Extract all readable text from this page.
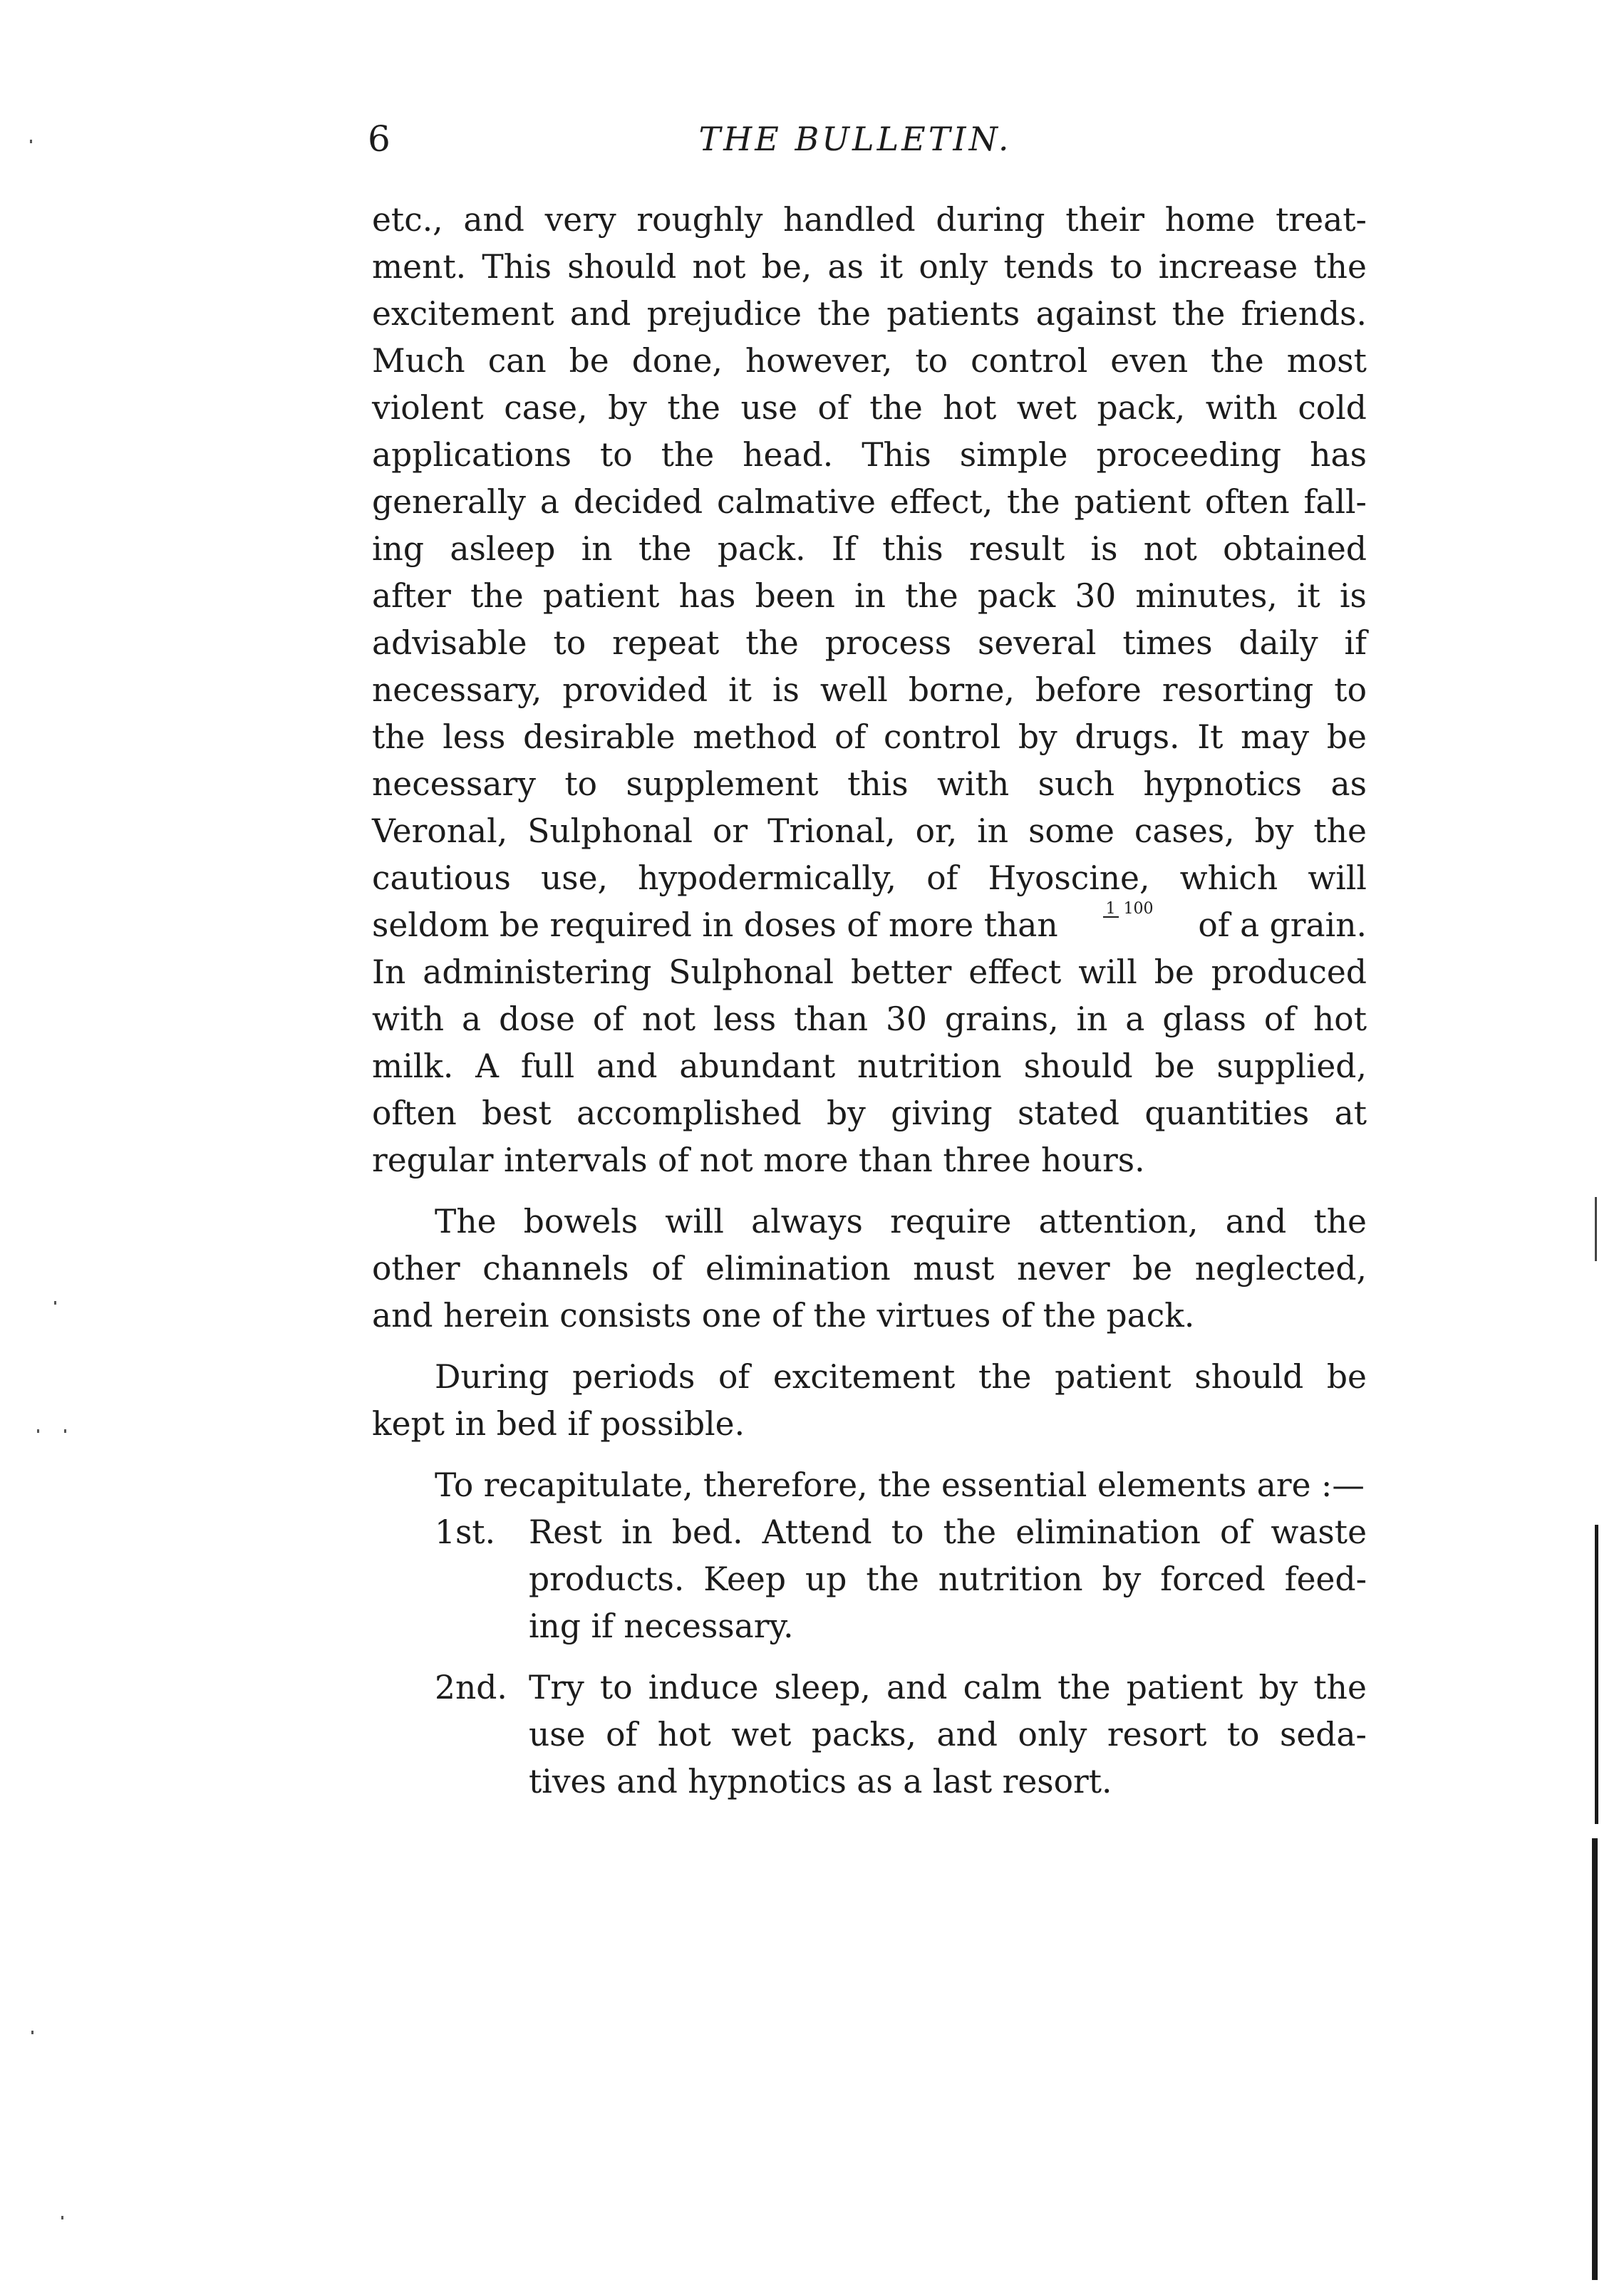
6	THE BULLETIN.
etc., and very roughly handled during their home treat-
ment. This should not be, as it only tends to increase the
excitement and prejudice the patients against the friends.
Much can be done, however, to control even the most
violent case, by the use of the hot wet pack, with cold
applications to the head. This simple proceeding has
generally a decided calmative effect, the patient often fall-
ing asleep in the pack. If this result is not obtained
after the patient has been in the pack 30 minutes, it is
advisable to repeat the process several times daily if
necessary, provided it is well borne, before resorting to
the less desirable method of control by drugs. It may be
necessary to supplement this with such hypnotics as
Veronal, Sulphonal or Trional, or, in some cases, by the
cautious use, hypodermically, of Hyoscine, which will
seldom be required in doses of more than	1 100 of a grain.
In administering Sulphonal better effect will be produced
with a dose of not less than 30 grains, in a glass of hot
milk. A full and abundant nutrition should be supplied,
often best accomplished by giving stated quantities at
regular intervals of not more than three hours.
The bowels will always require attention, and the
other channels of elimination must never be neglected,
and herein consists one of the virtues of the pack.
During periods of excitement the patient should be
kept in bed if possible.
To recapitulate, therefore, the essential elements are :—
1st.	Rest in bed. Attend to the elimination of waste
products. Keep up the nutrition by forced feed-
ing if necessary.
2nd. Try to induce sleep, and calm the patient by the
use of hot wet packs, and only resort to seda-
tives and hypnotics as a last resort.
